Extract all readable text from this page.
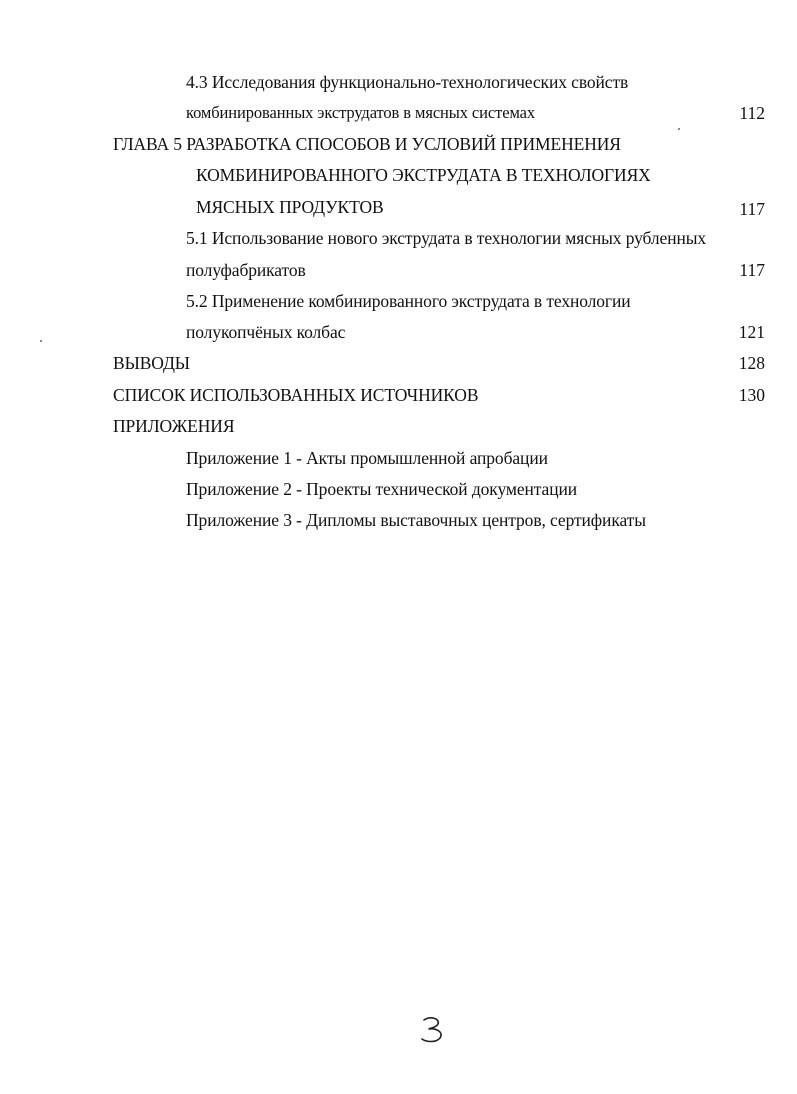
4.3 Исследования функционально-технологических свойств
комбинированных экструдатов в мясных системах	112
ГЛАВА 5 РАЗРАБОТКА СПОСОБОВ И УСЛОВИЙ ПРИМЕНЕНИЯ
КОМБИНИРОВАННОГО ЭКСТРУДАТА В ТЕХНОЛОГИЯХ
МЯСНЫХ ПРОДУКТОВ	117
5.1 Использование нового экструдата в технологии мясных рубленных
полуфабрикатов	117
5.2 Применение комбинированного экструдата в технологии
полукопчёных колбас	121
ВЫВОДЫ	128
СПИСОК ИСПОЛЬЗОВАННЫХ ИСТОЧНИКОВ	130
ПРИЛОЖЕНИЯ
Приложение 1 - Акты промышленной апробации
Приложение 2 - Проекты технической документации
Приложение 3 - Дипломы выставочных центров, сертификаты
